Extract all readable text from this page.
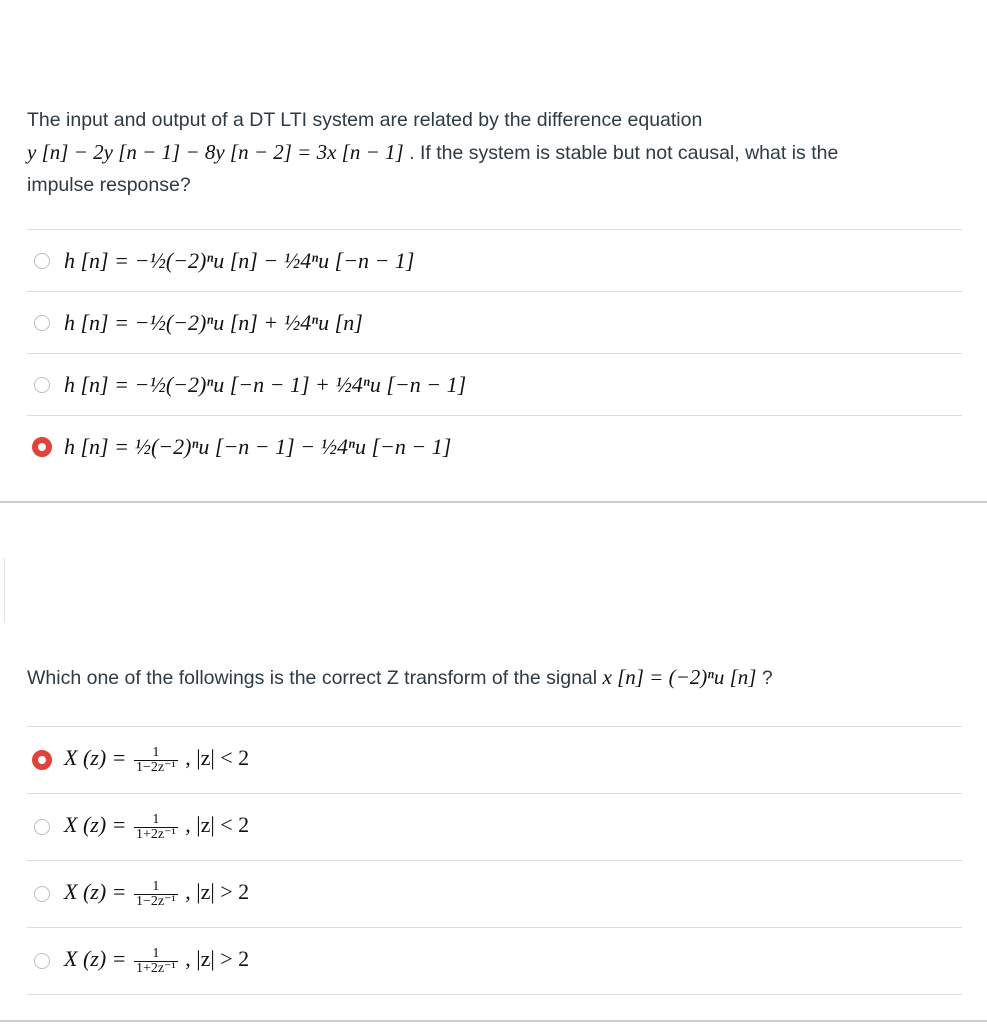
The input and output of a DT LTI system are related by the difference equation
y [n] − 2y [n − 1] − 8y [n − 2] = 3x [n − 1] . If the system is stable but not causal, what is the
impulse response?
h [n] = −½(−2)ⁿu [n] − ½4ⁿu [−n − 1]
h [n] = −½(−2)ⁿu [n] + ½4ⁿu [n]
h [n] = −½(−2)ⁿu [−n − 1] + ½4ⁿu [−n − 1]
h [n] = ½(−2)ⁿu [−n − 1] − ½4ⁿu [−n − 1]
Which one of the followings is the correct Z transform of the signal x [n] = (−2)ⁿu [n] ?
X $(z) = \frac{1}{\text{1−2z⁻¹}}$ , |z| < 2
X $(z) = \frac{1}{\text{1+2z⁻¹}}$ , |z| < 2
X $(z) = \frac{1}{\text{1−2z⁻¹}}$ , |z| > 2
X $(z) = \frac{1}{\text{1+2z⁻¹}}$ , |z| > 2
